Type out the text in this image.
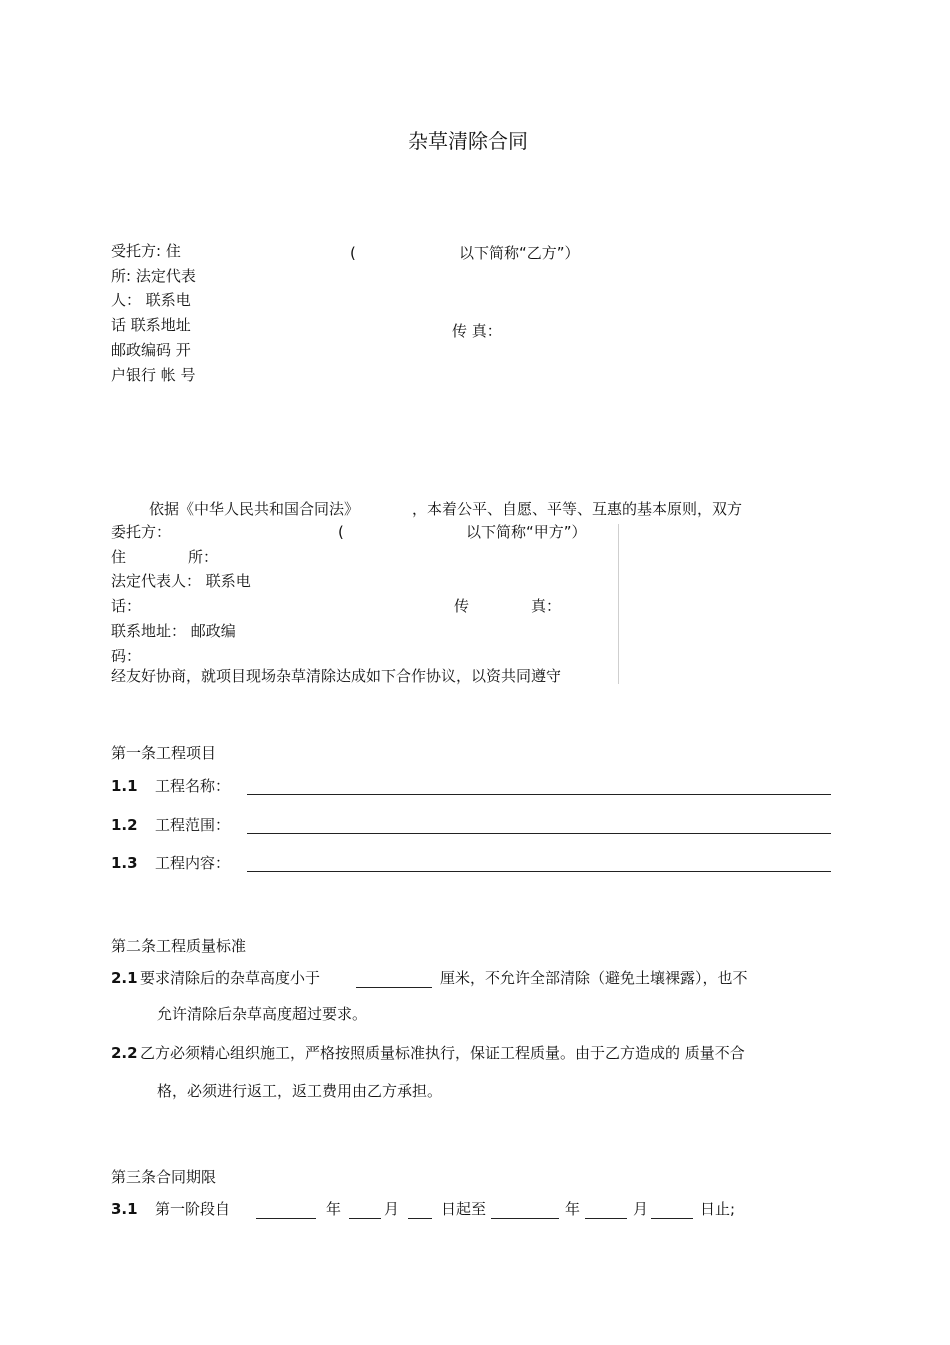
杂草清除合同
受托方: 住
所: 法定代表
人： 联系电
话 联系地址
邮政编码 开
户银行 帐 号
(	以下简称“乙方”）
传 真：
依据《中华人民共和国合同法》	，本着公平、自愿、平等、互惠的基本原则，双方
委托方：	(	以下简称“甲方”）
住	所：
法定代表人： 联系电
话：	传	真：
联系地址： 邮政编
码：
经友好协商，就项目现场杂草清除达成如下合作协议，以资共同遵守
第一条工程项目
1.1 工程名称：
1.2 工程范围：
1.3 工程内容：
第二条工程质量标准
2.1 要求清除后的杂草高度小于	厘米，不允许全部清除（避免土壤裸露），也不
允许清除后杂草高度超过要求。
2.2 乙方必须精心组织施工，严格按照质量标准执行，保证工程质量。由于乙方造成的 质量不合
格，必须进行返工，返工费用由乙方承担。
第三条合同期限
3.1 第一阶段自	年	月	日起至	年	月	日止;
